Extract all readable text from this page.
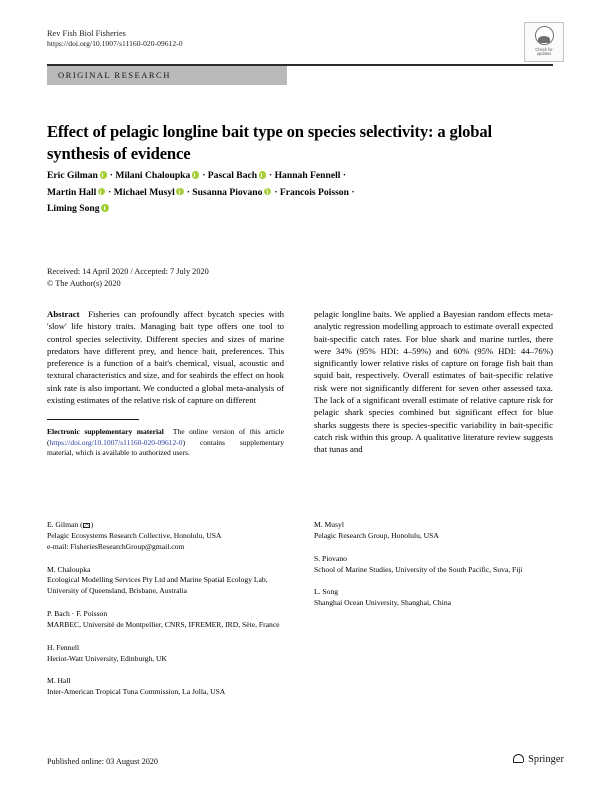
Rev Fish Biol Fisheries
https://doi.org/10.1007/s11160-020-09612-0
Check for
updates
ORIGINAL RESEARCH
Effect of pelagic longline bait type on species selectivity: a global synthesis of evidence
Eric Gilman · Milani Chaloupka · Pascal Bach · Hannah Fennell ·
Martin Hall · Michael Musyl · Susanna Piovano · Francois Poisson ·
Liming Song
Received: 14 April 2020 / Accepted: 7 July 2020
© The Author(s) 2020

Abstract Fisheries can profoundly affect bycatch species with 'slow' life history traits. Managing bait type offers one tool to control species selectivity. Different species and sizes of marine predators have different prey, and hence bait, preferences. This preference is a function of a bait's chemical, visual, acoustic and textural characteristics and size, and for seabirds the effect on hook sink rate is also important. We conducted a global meta-analysis of existing estimates of the relative risk of capture on different

Electronic supplementary material The online version of this article (https://doi.org/10.1007/s11160-020-09612-0) contains supplementary material, which is available to authorized users.

pelagic longline baits. We applied a Bayesian random effects meta-analytic regression modelling approach to estimate overall expected bait-specific catch rates. For blue shark and marine turtles, there were 34% (95% HDI: 4–59%) and 60% (95% HDI: 44–76%) significantly lower relative risks of capture on forage fish bait than squid bait, respectively. Overall estimates of bait-specific relative risk were not significantly different for seven other assessed taxa. The lack of a significant overall estimate of relative capture risk for pelagic shark species combined but significant effect for blue sharks suggests there is species-specific variability in bait-specific catch risk within this group. A qualitative literature review suggests that tunas and

E. Gilman ( )
Pelagic Ecosystems Research Collective, Honolulu, USA
e-mail: FisheriesResearchGroup@gmail.com
M. Chaloupka
Ecological Modelling Services Pty Ltd and Marine Spatial Ecology Lab, University of Queensland, Brisbane, Australia
P. Bach · F. Poisson
MARBEC, Université de Montpellier, CNRS, IFREMER, IRD, Sète, France
H. Fennell
Heriot-Watt University, Edinburgh, UK
M. Hall
Inter-American Tropical Tuna Commission, La Jolla, USA
M. Musyl
Pelagic Research Group, Honolulu, USA
S. Piovano
School of Marine Studies, University of the South Pacific, Suva, Fiji
L. Song
Shanghai Ocean University, Shanghai, China
Published online: 03 August 2020	Springer
